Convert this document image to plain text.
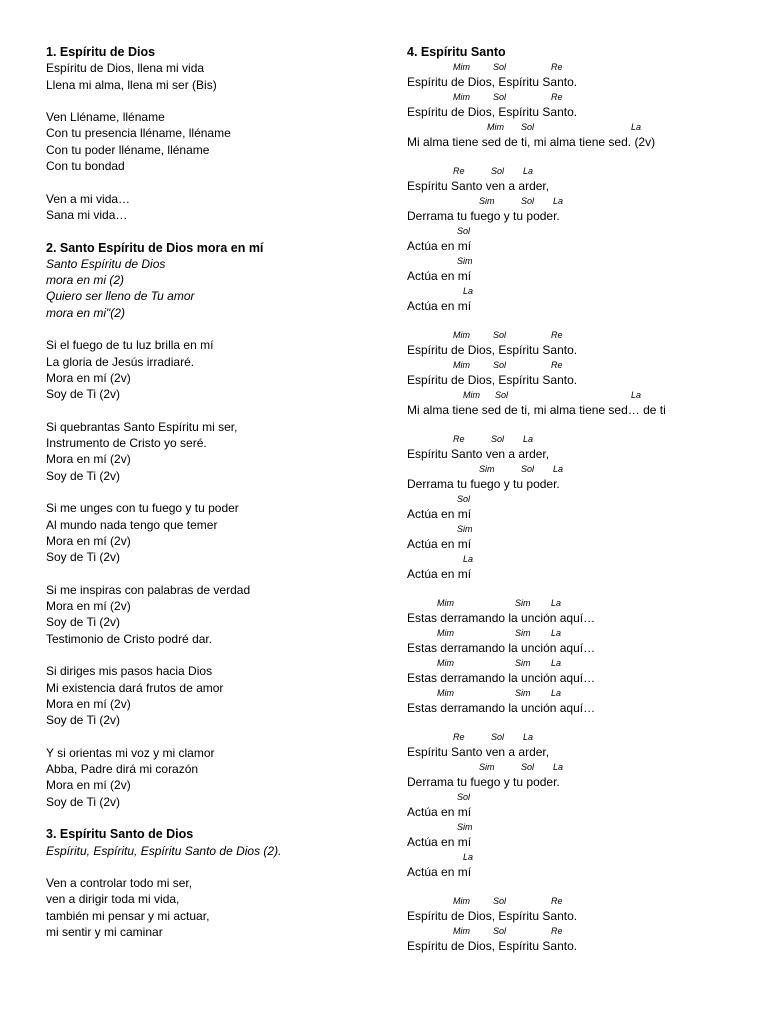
1. Espíritu de Dios
Espíritu de Dios, llena mi vida
Llena mi alma, llena mi ser (Bis)
Ven Lléname, lléname
Con tu presencia lléname, lléname
Con tu poder lléname, lléname
Con tu bondad
Ven a mi vida…
Sana mi vida…
2. Santo Espíritu de Dios mora en mí
Santo Espíritu de Dios
mora en mi (2)
Quiero ser lleno de Tu amor
mora en mi"(2)
Si el fuego de tu luz brilla en mí
La gloria de Jesús irradiaré.
Mora en mí (2v)
Soy de Ti (2v)
Si quebrantas Santo Espíritu mi ser,
Instrumento de Cristo yo seré.
Mora en mí (2v)
Soy de Ti (2v)
Si me unges con tu fuego y tu poder
Al mundo nada tengo que temer
Mora en mí (2v)
Soy de Ti (2v)
Si me inspiras con palabras de verdad
Mora en mí (2v)
Soy de Ti (2v)
Testimonio de Cristo podré dar.
Si diriges mis pasos hacia Dios
Mi existencia dará frutos de amor
Mora en mí (2v)
Soy de Ti (2v)
Y si orientas mi voz y mi clamor
Abba, Padre dirá mi corazón
Mora en mí (2v)
Soy de Ti (2v)
3. Espíritu Santo de Dios
Espíritu, Espíritu, Espíritu Santo de Dios (2).
Ven a controlar todo mi ser,
ven a dirigir toda mi vida,
también mi pensar y mi actuar,
mi sentir y mi caminar
4. Espíritu Santo
Mim	Sol	Re
Espíritu de Dios, Espíritu Santo.
Mim	Sol	Re
Espíritu de Dios, Espíritu Santo.
Mim Sol	La
Mi alma tiene sed de ti, mi alma tiene sed. (2v)
Re	Sol La
Espíritu Santo ven a arder,
Sim	Sol La
Derrama tu fuego y tu poder.
Sol
Actúa en mí
Sim
Actúa en mí
La
Actúa en mí
Mim	Sol	Re
Espíritu de Dios, Espíritu Santo.
Mim	Sol	Re
Espíritu de Dios, Espíritu Santo.
Mim Sol	La
Mi alma tiene sed de ti, mi alma tiene sed… de ti
Re	Sol La
Espíritu Santo ven a arder,
Sim	Sol La
Derrama tu fuego y tu poder.
Sol
Actúa en mí
Sim
Actúa en mí
La
Actúa en mí
Mim	Sim La
Estas derramando la unción aquí…
Mim	Sim La
Estas derramando la unción aquí…
Mim	Sim La
Estas derramando la unción aquí…
Mim	Sim La
Estas derramando la unción aquí…
Re	Sol La
Espíritu Santo ven a arder,
Sim	Sol La
Derrama tu fuego y tu poder.
Sol
Actúa en mí
Sim
Actúa en mí
La
Actúa en mí
Mim	Sol	Re
Espíritu de Dios, Espíritu Santo.
Mim	Sol	Re
Espíritu de Dios, Espíritu Santo.
